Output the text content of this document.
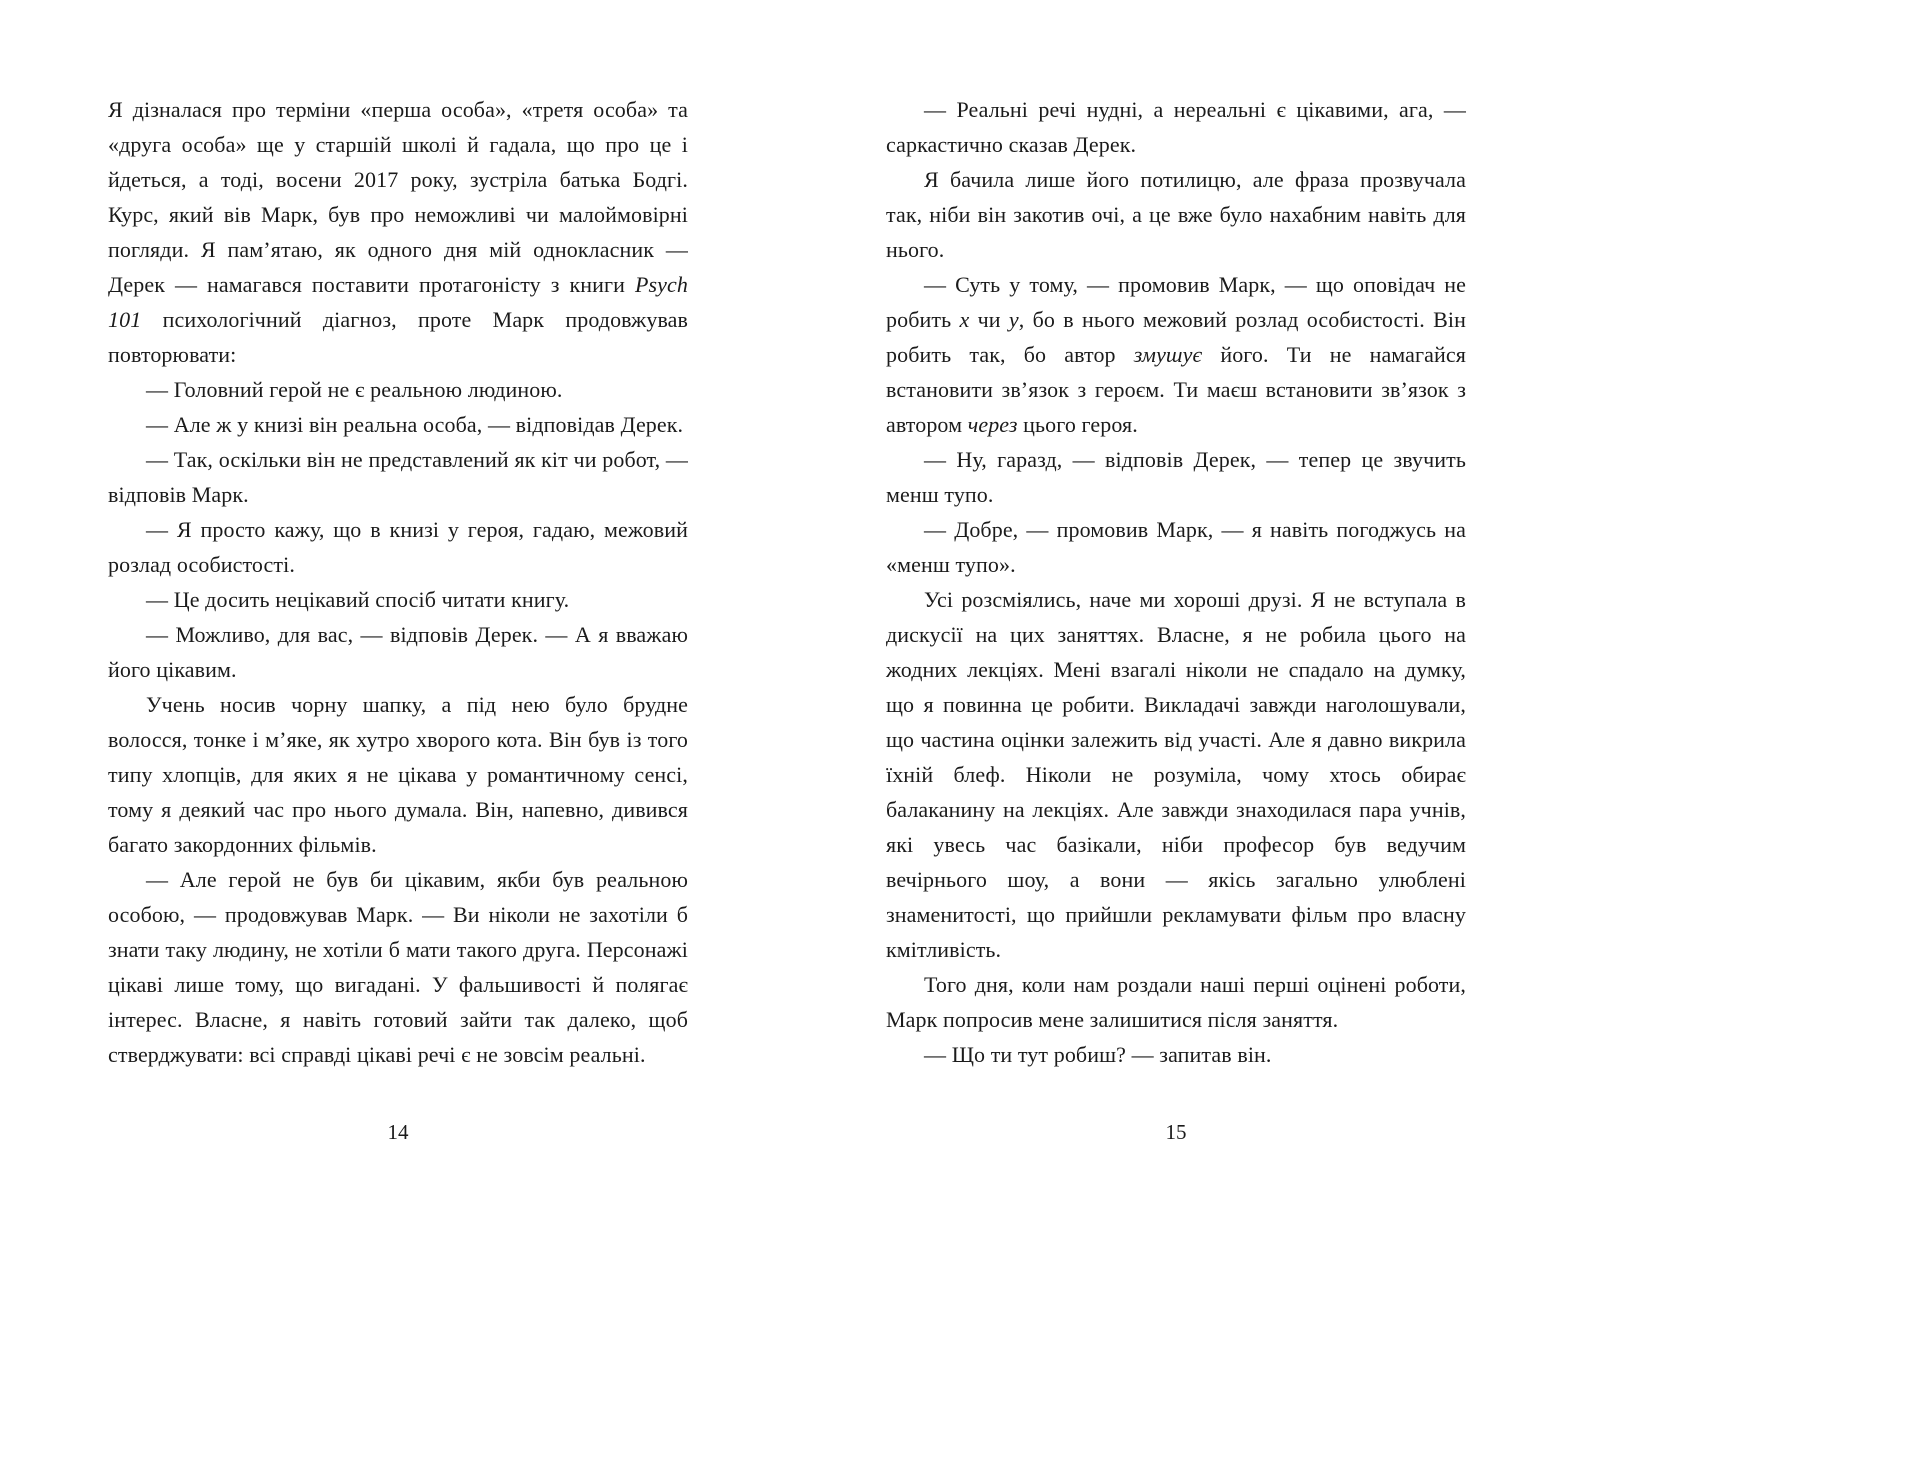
Я дізналася про терміни «перша особа», «третя особа» та «друга особа» ще у старшій школі й гадала, що про це і йдеться, а тоді, восени 2017 року, зустріла батька Бодгі. Курс, який вів Марк, був про неможливі чи малоймовірні погляди. Я пам’ятаю, як одного дня мій однокласник — Дерек — намагався поставити протагоністу з книги Psych 101 психологічний діагноз, проте Марк продовжував повторювати:

— Головний герой не є реальною людиною.

— Але ж у книзі він реальна особа, — відповідав Дерек.

— Так, оскільки він не представлений як кіт чи робот, — відповів Марк.

— Я просто кажу, що в книзі у героя, гадаю, межовий розлад особистості.

— Це досить нецікавий спосіб читати книгу.

— Можливо, для вас, — відповів Дерек. — А я вважаю його цікавим.

Учень носив чорну шапку, а під нею було брудне волосся, тонке і м’яке, як хутро хворого кота. Він був із того типу хлопців, для яких я не цікава у романтичному сенсі, тому я деякий час про нього думала. Він, напевно, дивився багато закордонних фільмів.

— Але герой не був би цікавим, якби був реальною особою, — продовжував Марк. — Ви ніколи не захотіли б знати таку людину, не хотіли б мати такого друга. Персонажі цікаві лише тому, що вигадані. У фальшивості й полягає інтерес. Власне, я навіть готовий зайти так далеко, щоб стверджувати: всі справді цікаві речі є не зовсім реальні.

14

— Реальні речі нудні, а нереальні є цікавими, ага, — саркастично сказав Дерек.

Я бачила лише його потилицю, але фраза прозвучала так, ніби він закотив очі, а це вже було нахабним навіть для нього.

— Суть у тому, — промовив Марк, — що оповідач не робить x чи y, бо в нього межовий розлад особистості. Він робить так, бо автор змушує його. Ти не намагайся встановити зв’язок з героєм. Ти маєш встановити зв’язок з автором через цього героя.

— Ну, гаразд, — відповів Дерек, — тепер це звучить менш тупо.

— Добре, — промовив Марк, — я навіть погоджусь на «менш тупо».

Усі розсміялись, наче ми хороші друзі. Я не вступала в дискусії на цих заняттях. Власне, я не робила цього на жодних лекціях. Мені взагалі ніколи не спадало на думку, що я повинна це робити. Викладачі завжди наголошували, що частина оцінки залежить від участі. Але я давно викрила їхній блеф. Ніколи не розуміла, чому хтось обирає балаканину на лекціях. Але завжди знаходилася пара учнів, які увесь час базікали, ніби професор був ведучим вечірнього шоу, а вони — якісь загально улюблені знаменитості, що прийшли рекламувати фільм про власну кмітливість.

Того дня, коли нам роздали наші перші оцінені роботи, Марк попросив мене залишитися після заняття.

— Що ти тут робиш? — запитав він.

15
